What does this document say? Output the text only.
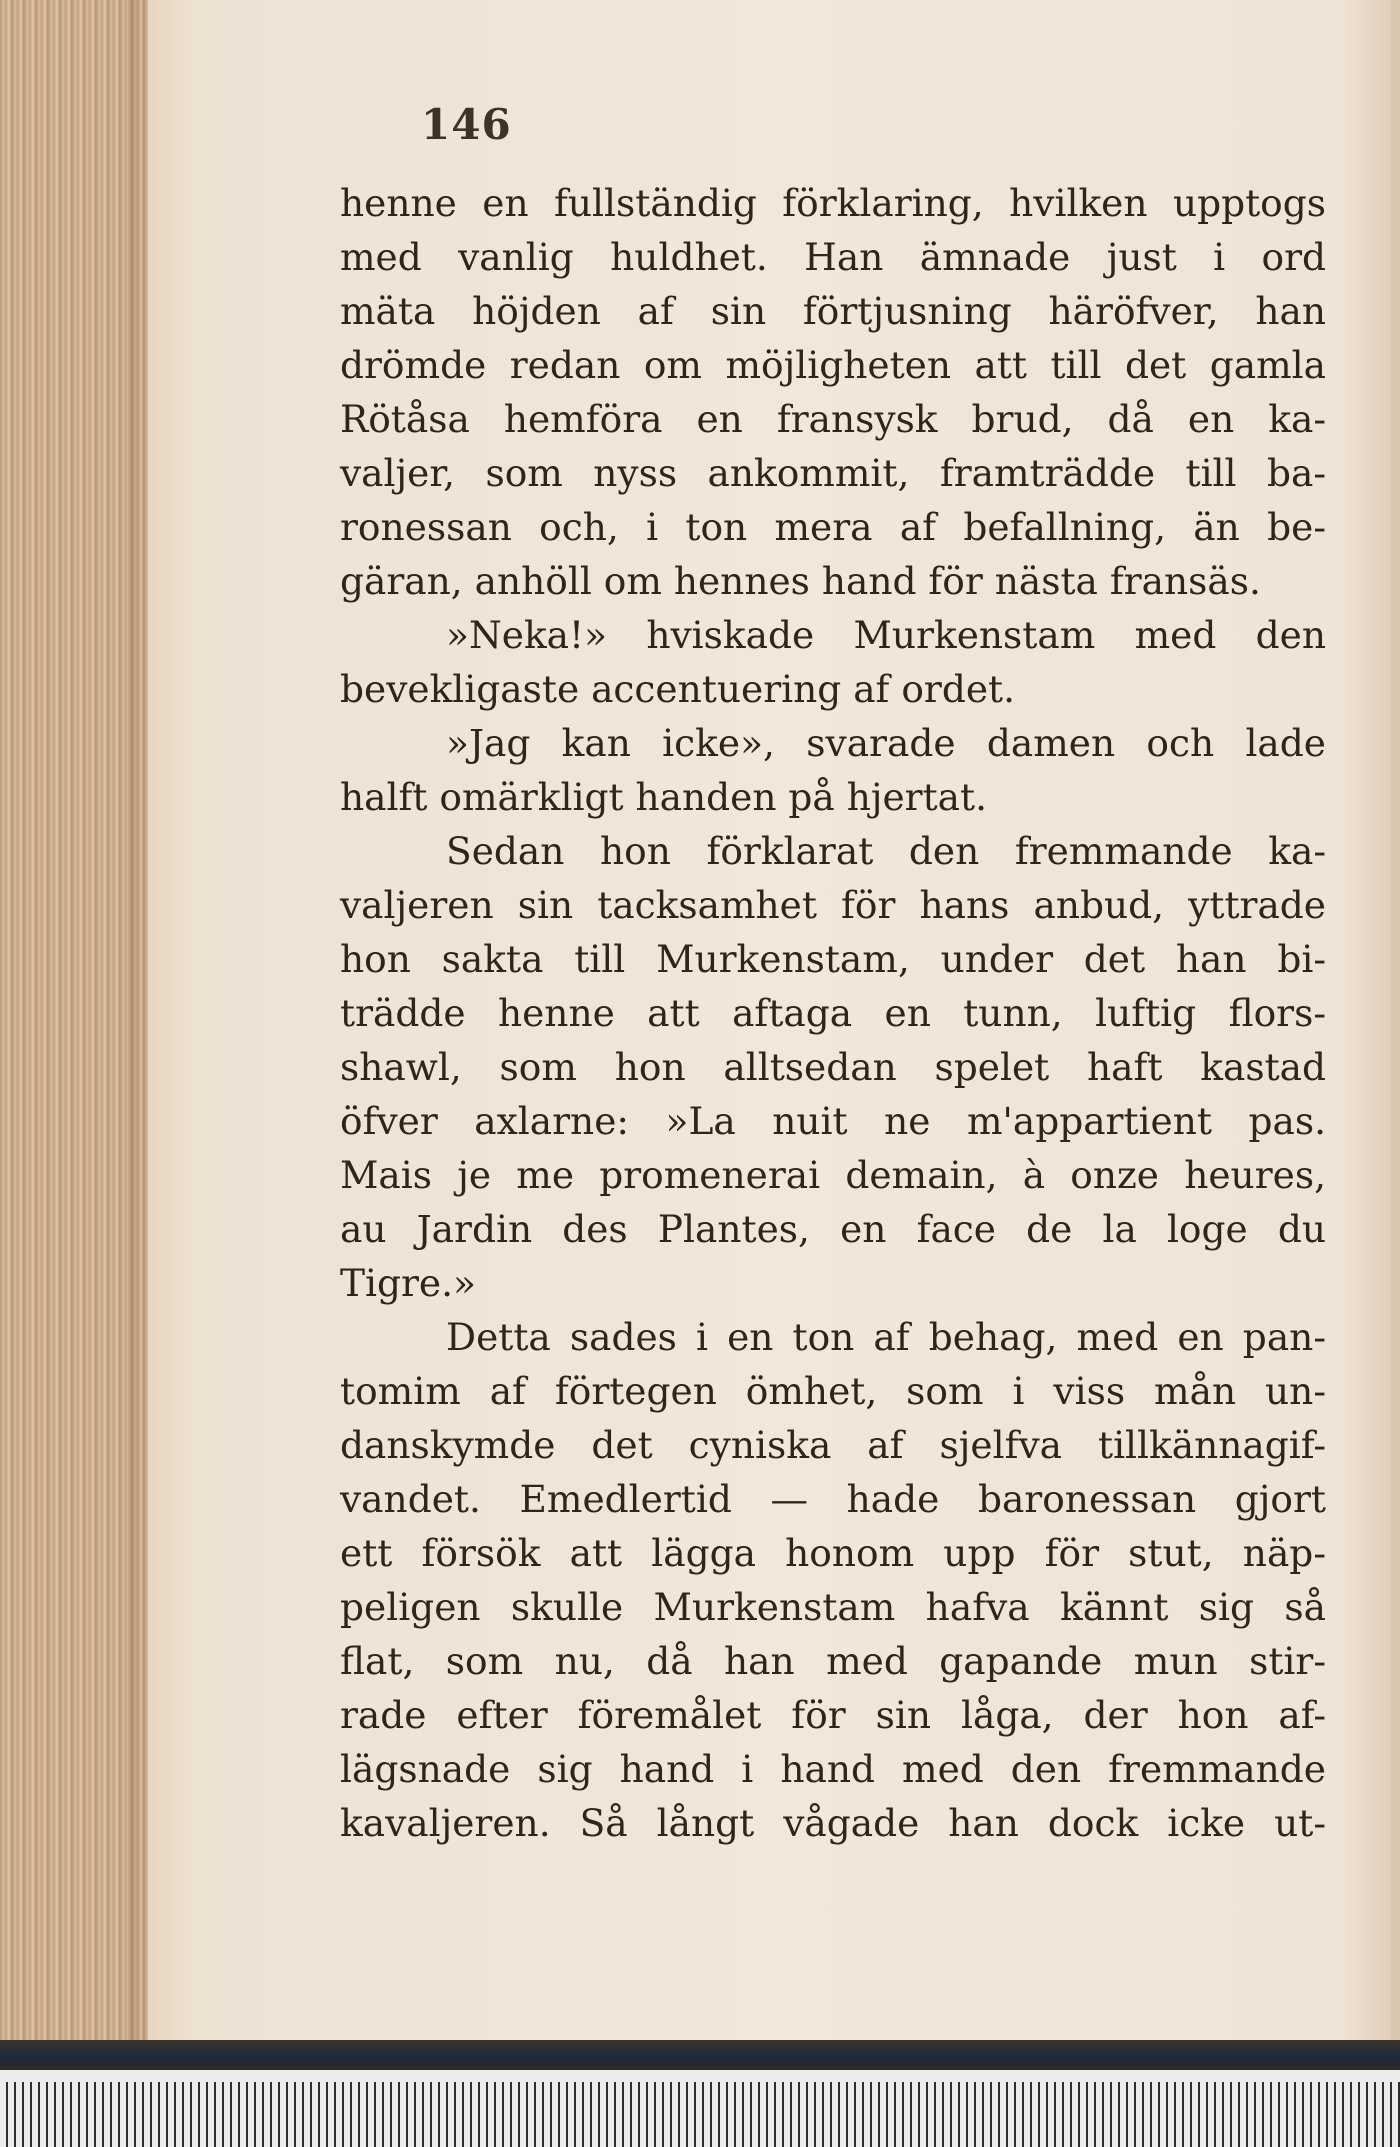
146
henne en fullständig förklaring, hvilken upptogs
med vanlig huldhet. Han ämnade just i ord
mäta höjden af sin förtjusning häröfver, han
drömde redan om möjligheten att till det gamla
Rötåsa hemföra en fransysk brud, då en ka-
valjer, som nyss ankommit, framträdde till ba-
ronessan och, i ton mera af befallning, än be-
gäran, anhöll om hennes hand för nästa fransäs.
»Neka!» hviskade Murkenstam med den
bevekligaste accentuering af ordet.
»Jag kan icke», svarade damen och lade
halft omärkligt handen på hjertat.
Sedan hon förklarat den fremmande ka-
valjeren sin tacksamhet för hans anbud, yttrade
hon sakta till Murkenstam, under det han bi-
trädde henne att aftaga en tunn, luftig flors-
shawl, som hon alltsedan spelet haft kastad
öfver axlarne: »La nuit ne m'appartient pas.
Mais je me promenerai demain, à onze heures,
au Jardin des Plantes, en face de la loge du
Tigre.»
Detta sades i en ton af behag, med en pan-
tomim af förtegen ömhet, som i viss mån un-
danskymde det cyniska af sjelfva tillkännagif-
vandet. Emedlertid — hade baronessan gjort
ett försök att lägga honom upp för stut, näp-
peligen skulle Murkenstam hafva kännt sig så
flat, som nu, då han med gapande mun stir-
rade efter föremålet för sin låga, der hon af-
lägsnade sig hand i hand med den fremmande
kavaljeren. Så långt vågade han dock icke ut-
